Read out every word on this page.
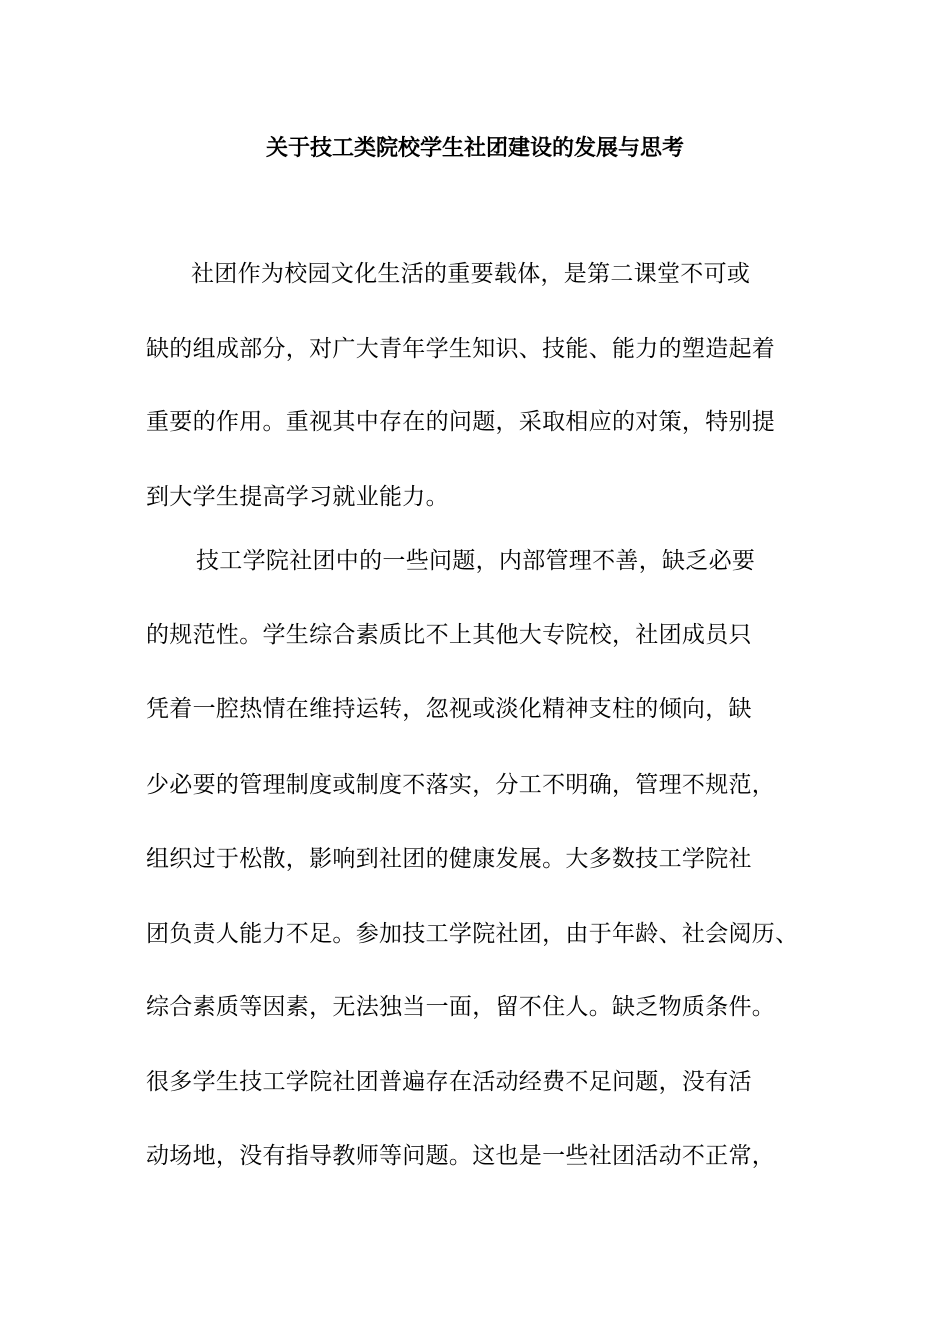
关于技工类院校学生社团建设的发展与思考
社团作为校园文化生活的重要载体，是第二课堂不可或
缺的组成部分，对广大青年学生知识、技能、能力的塑造起着
重要的作用。重视其中存在的问题，采取相应的对策，特别提
到大学生提高学习就业能力。
技工学院社团中的一些问题，内部管理不善，缺乏必要
的规范性。学生综合素质比不上其他大专院校，社团成员只
凭着一腔热情在维持运转，忽视或淡化精神支柱的倾向，缺
少必要的管理制度或制度不落实，分工不明确，管理不规范，
组织过于松散，影响到社团的健康发展。大多数技工学院社
团负责人能力不足。参加技工学院社团，由于年龄、社会阅历、
综合素质等因素，无法独当一面，留不住人。缺乏物质条件。
很多学生技工学院社团普遍存在活动经费不足问题，没有活
动场地，没有指导教师等问题。这也是一些社团活动不正常，
